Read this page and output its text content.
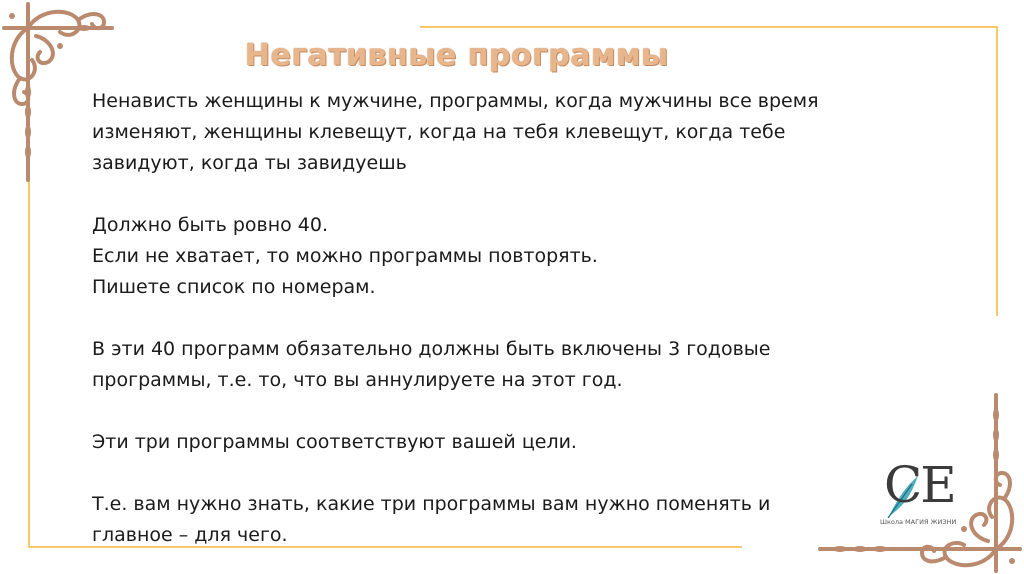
Негативные программы

Ненависть женщины к мужчине, программы, когда мужчины все время
изменяют, женщины клевещут, когда на тебя клевещут, когда тебе
завидуют, когда ты завидуешь

Должно быть ровно 40.
Если не хватает, то можно программы повторять.
Пишете список по номерам.

В эти 40 программ обязательно должны быть включены 3 годовые
программы, т.е. то, что вы аннулируете на этот год.

Эти три программы соответствуют вашей цели.

Т.е. вам нужно знать, какие три программы вам нужно поменять и
главное – для чего.

CE
Школа МАГИЯ ЖИЗНИ
